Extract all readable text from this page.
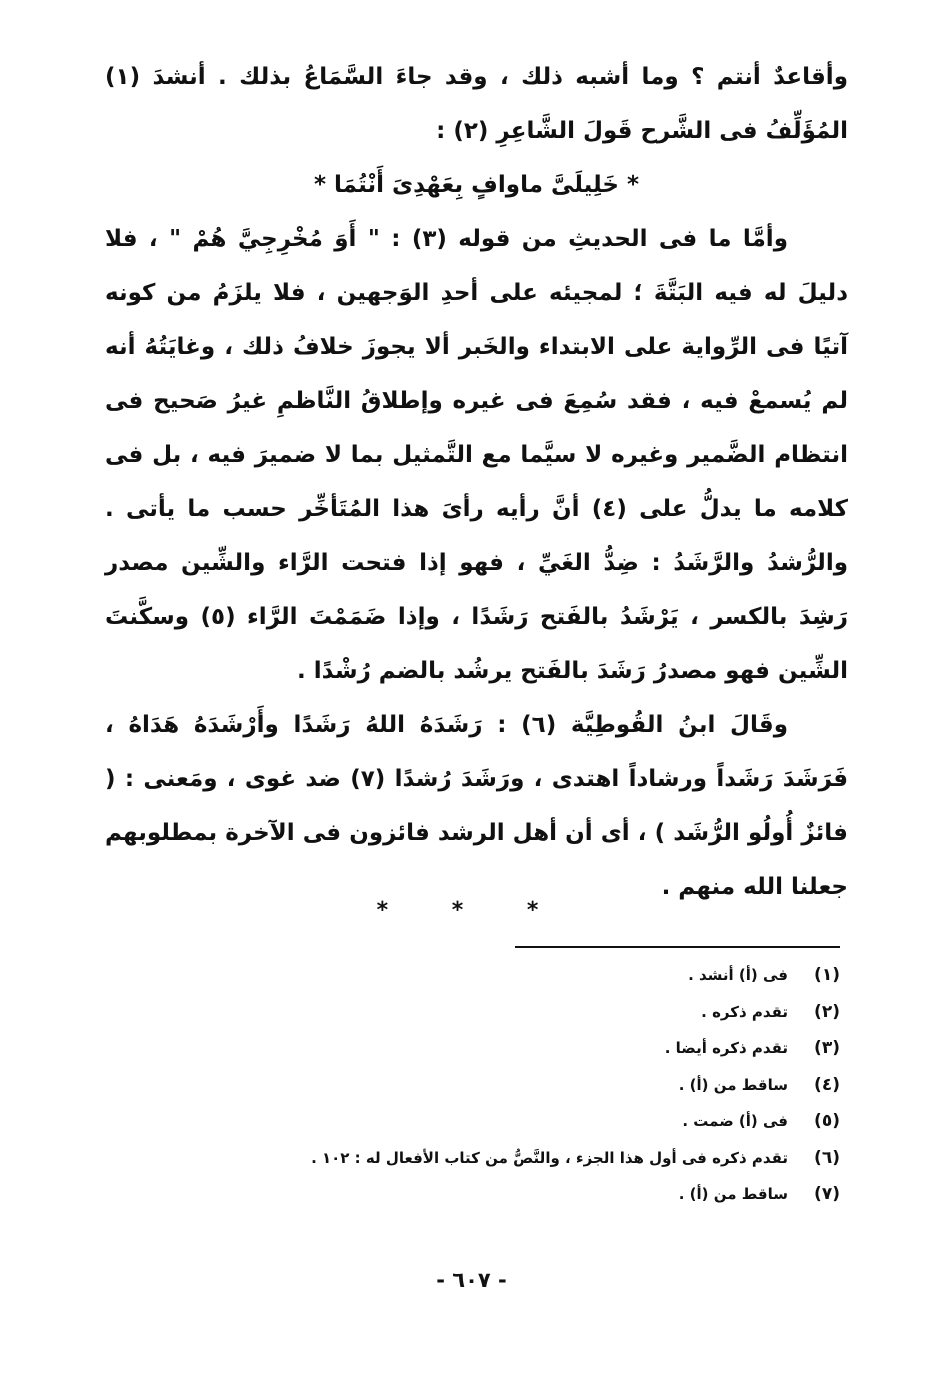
وأقاعدٌ أنتم ؟ وما أشبه ذلك ، وقد جاءَ السَّمَاعُ بذلك . أنشدَ (١) المُؤَلِّفُ فى الشَّرح قَولَ الشَّاعِرِ (٢) :

* خَلِيلَىَّ ماوافٍ بِعَهْدِىَ أَنْتُمَا *

وأمَّا ما فى الحديثِ من قوله (٣) : " أَوَ مُخْرِجِيَّ هُمْ " ، فلا دليلَ له فيه البَتَّةَ ؛ لمجيئه على أحدِ الوَجهين ، فلا يلزَمُ من كونه آتيًا فى الرِّواية على الابتداء والخَبر ألا يجوزَ خلافُ ذلك ، وغايَتُهُ أنه لم يُسمعْ فيه ، فقد سُمِعَ فى غيره وإطلاقُ النَّاظمِ غيرُ صَحيح فى انتظام الضَّمير وغيره لا سيَّما مع التَّمثيل بما لا ضميرَ فيه ، بل فى كلامه ما يدلُّ على (٤) أنَّ رأيه رأىَ هذا المُتَأخِّر حسب ما يأتى . والرُّشدُ والرَّشَدُ : ضِدُّ الغَيِّ ، فهو إذا فتحت الرَّاء والشِّين مصدر رَشِدَ بالكسر ، يَرْشَدُ بالفَتح رَشَدًا ، وإذا ضَمَمْتَ الرَّاء (٥) وسكَّنتَ الشِّين فهو مصدرُ رَشَدَ بالفَتح يرشُد بالضم رُشْدًا .

وقَالَ ابنُ القُوطِيَّة (٦) : رَشَدَهُ اللهُ رَشَدًا وأَرْشَدَهُ هَدَاهُ ، فَرَشَدَ رَشَداً ورشاداً اهتدى ، ورَشَدَ رُشدًا (٧) ضد غوى ، ومَعنى : ( فائزٌ أُولُو الرُّشَد ) ، أى أن أهل الرشد فائزون فى الآخرة بمطلوبهم جعلنا الله منهم .

* * *
(١)فى (أ) أنشد .
(٢)تقدم ذكره .
(٣)تقدم ذكره أيضا .
(٤)ساقط من (أ) .
(٥)فى (أ) ضمت .
(٦)تقدم ذكره فى أول هذا الجزء ، والنَّصُّ من كتاب الأفعال له : ١٠٢ .
(٧)ساقط من (أ) .
- ٦٠٧ -
